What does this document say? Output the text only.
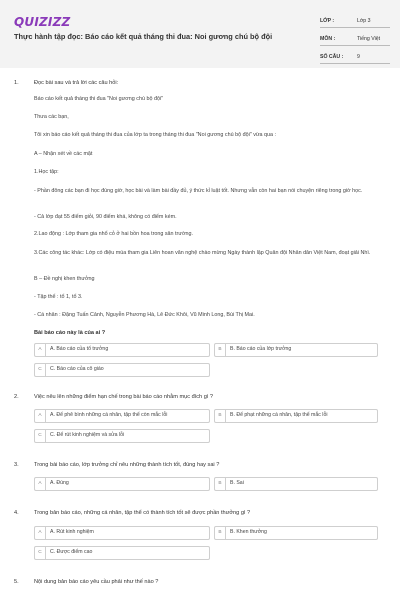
QUIZIZZ
Thực hành tập đọc: Báo cáo kết quả tháng thi đua: Noi gương chú bộ đội
LỚP :	Lớp 3
MÔN :	Tiếng Việt
SỐ CÂU :	9
1.	Đọc bài sau và trả lời các câu hỏi:
Báo cáo kết quả tháng thi đua "Noi gương chú bộ đội"
Thưa các bạn,
Tôi xin báo cáo kết quả tháng thi đua của lớp ta trong tháng thi đua "Noi gương chú bộ đội" vừa qua :
A – Nhận xét về các mặt
1.Học tập:
- Phần đông các bạn đi học đúng giờ, học bài và làm bài đầy đủ, ý thức kỉ luật tốt. Nhưng vẫn còn hai bạn nói chuyện riêng trong giờ học.
- Cả lớp đạt 55 điểm giỏi, 90 điểm khá, không có điểm kém.
2.Lao động : Lớp tham gia nhổ cỏ ở hai bồn hoa trong sân trường.
3.Các công tác khác: Lớp có điệu múa tham gia Liên hoan văn nghệ chào mừng Ngày thành lập Quân đội Nhân dân Việt Nam, đoạt giải Nhì.
B – Đề nghị khen thưởng
- Tập thể : tổ 1, tổ 3.
- Cá nhân : Đặng Tuấn Cảnh, Nguyễn Phương Hà, Lê Đức Khôi, Vũ Minh Long, Bùi Thị Mai.
Bài báo cáo này là của ai ?
A	A. Báo cáo của tổ trưởng	B	B. Báo cáo của lớp trưởng
C	C. Báo cáo của cô giáo
2.	Việc nêu lên những điểm hạn chế trong bài báo cáo nhằm mục đích gì ?
A	A. Để phê bình những cá nhân, tập thể còn mắc lỗi	B	B. Để phạt những cá nhân, tập thể mắc lỗi
C	C. Để rút kinh nghiệm và sửa lỗi
3.	Trong bài báo cáo, lớp trưởng chỉ nêu những thành tích tốt, đúng hay sai ?
A	A. Đúng	B	B. Sai
4.	Trong bản báo cáo, những cá nhân, tập thể có thành tích tốt sẽ được phần thưởng gì ?
A	A. Rút kinh nghiệm	B	B. Khen thưởng
C	C. Được điểm cao
5.	Nội dung bản báo cáo yêu cầu phải như thế nào ?
